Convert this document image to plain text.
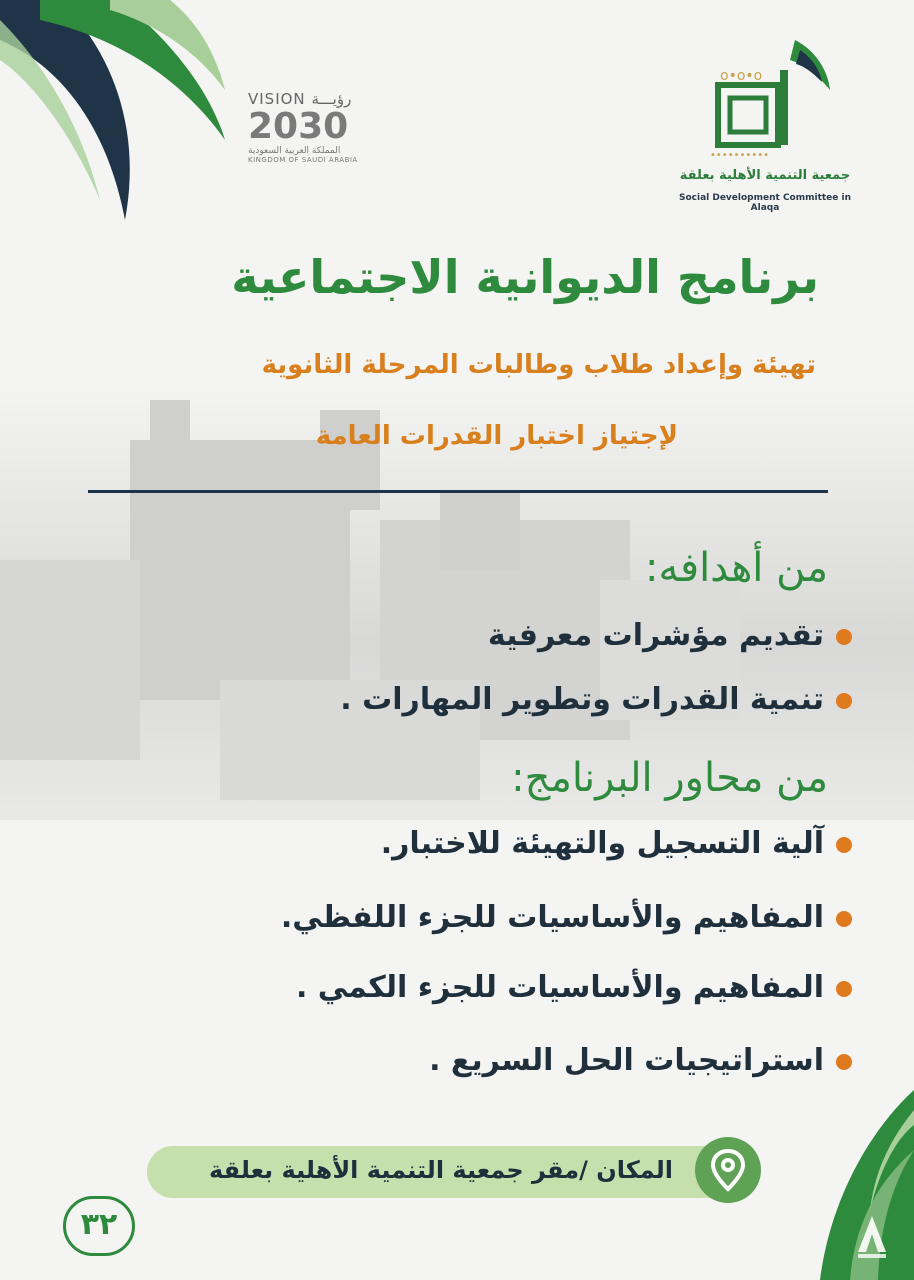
VISION رؤيـــة
2030
المملكة العربية السعودية
KINGDOM OF SAUDI ARABIA
o•o•o
••••••••••
جمعية التنمية الأهلية بعلقة
Social Development Committee in Alaqa
برنامج الديوانية الاجتماعية
تهيئة وإعداد طلاب وطالبات المرحلة الثانوية
لإجتياز اختبار القدرات العامة
من أهدافه:
تقديم مؤشرات معرفية
تنمية القدرات وتطوير المهارات .
من محاور البرنامج:
آلية التسجيل والتهيئة للاختبار.
المفاهيم والأساسيات للجزء اللفظي.
المفاهيم والأساسيات للجزء الكمي .
استراتيجيات الحل السريع .
المكان /مقر جمعية التنمية الأهلية بعلقة
٣٢
